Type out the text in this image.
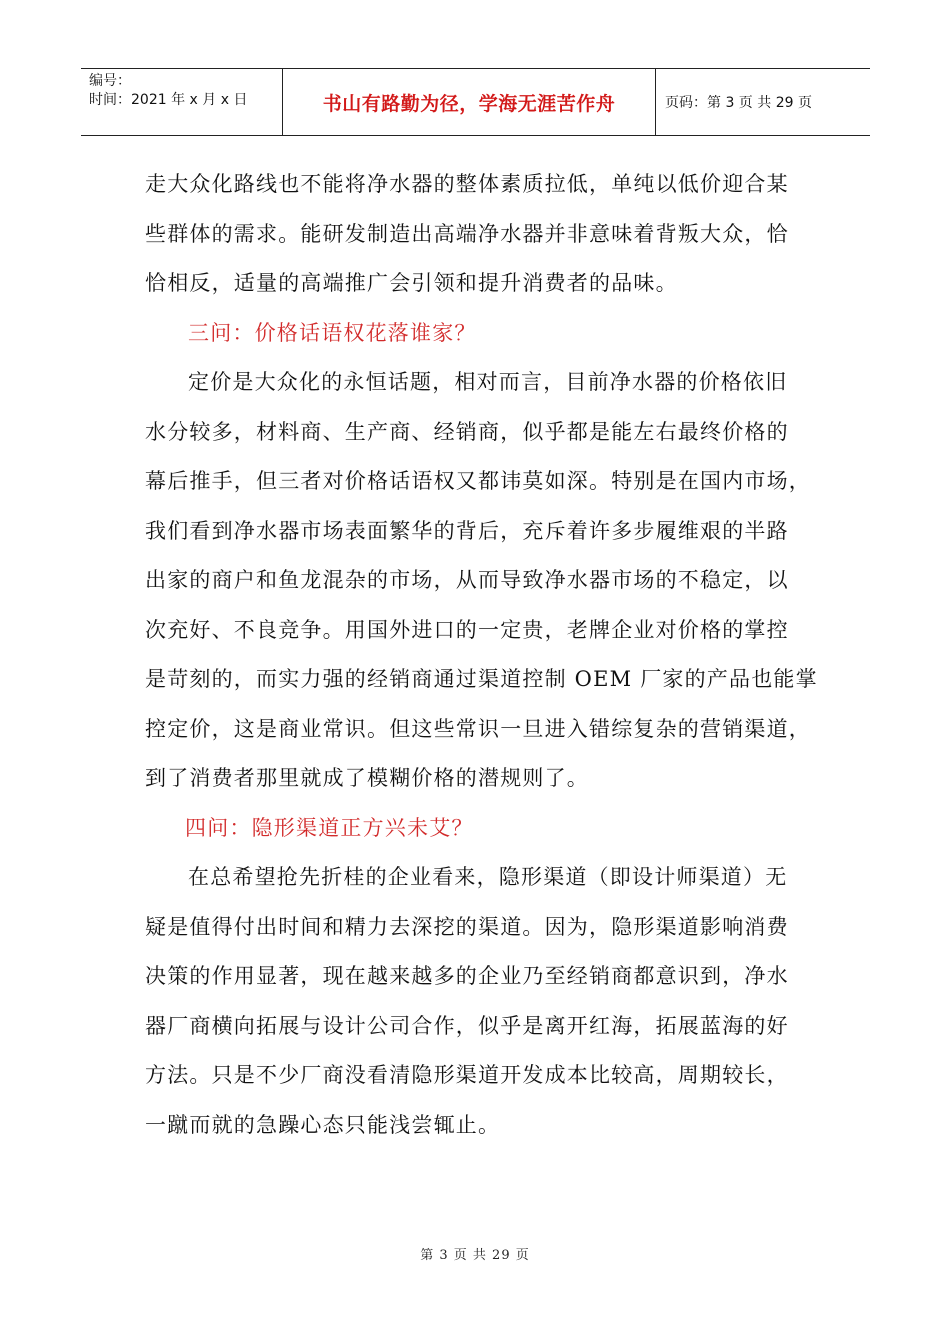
编号：
时间：2021 年 x 月 x 日	书山有路勤为径，学海无涯苦作舟	页码：第 3 页 共 29 页
走大众化路线也不能将净水器的整体素质拉低，单纯以低价迎合某
些群体的需求。能研发制造出高端净水器并非意味着背叛大众，恰
恰相反，适量的高端推广会引领和提升消费者的品味。
三问：价格话语权花落谁家？
定价是大众化的永恒话题，相对而言，目前净水器的价格依旧
水分较多，材料商、生产商、经销商，似乎都是能左右最终价格的
幕后推手，但三者对价格话语权又都讳莫如深。特别是在国内市场，
我们看到净水器市场表面繁华的背后，充斥着许多步履维艰的半路
出家的商户和鱼龙混杂的市场，从而导致净水器市场的不稳定，以
次充好、不良竞争。用国外进口的一定贵，老牌企业对价格的掌控
是苛刻的，而实力强的经销商通过渠道控制 OEM 厂家的产品也能掌
控定价，这是商业常识。但这些常识一旦进入错综复杂的营销渠道，
到了消费者那里就成了模糊价格的潜规则了。
四问：隐形渠道正方兴未艾？
在总希望抢先折桂的企业看来，隐形渠道（即设计师渠道）无
疑是值得付出时间和精力去深挖的渠道。因为，隐形渠道影响消费
决策的作用显著，现在越来越多的企业乃至经销商都意识到，净水
器厂商横向拓展与设计公司合作，似乎是离开红海，拓展蓝海的好
方法。只是不少厂商没看清隐形渠道开发成本比较高，周期较长，
一蹴而就的急躁心态只能浅尝辄止。
第 3 页 共 29 页
